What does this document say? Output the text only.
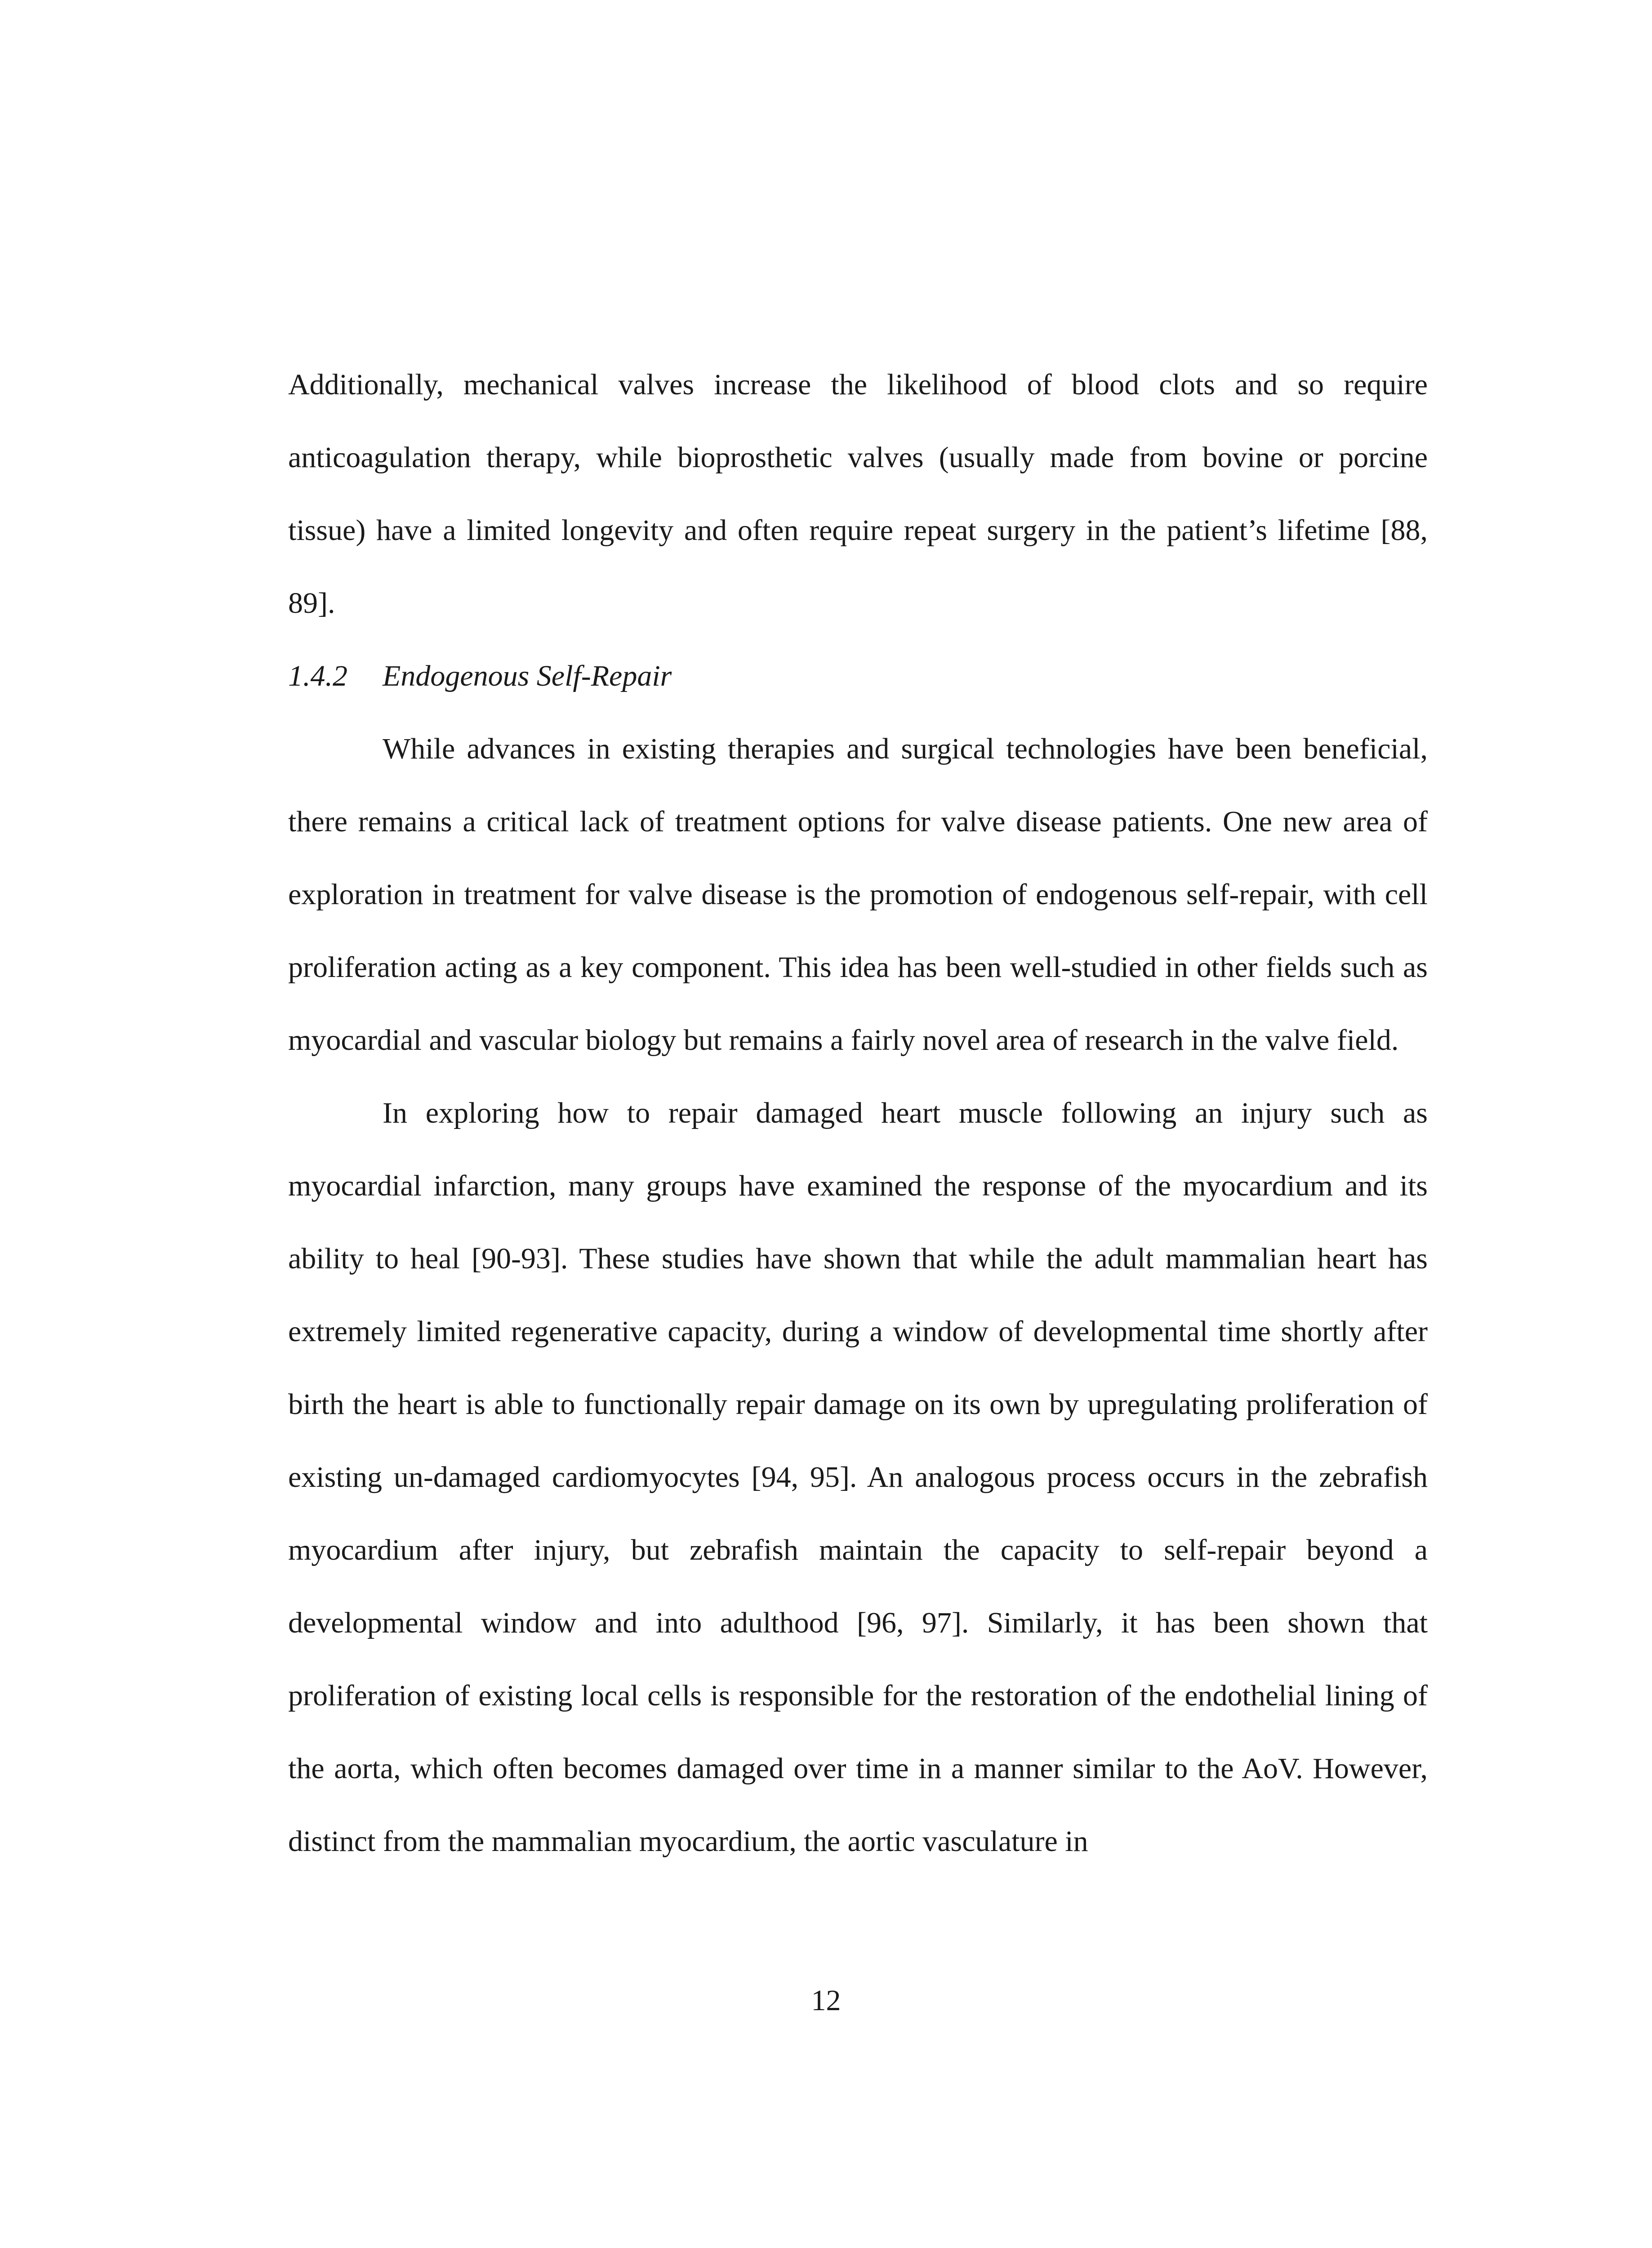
Additionally, mechanical valves increase the likelihood of blood clots and so require anticoagulation therapy, while bioprosthetic valves (usually made from bovine or porcine tissue) have a limited longevity and often require repeat surgery in the patient’s lifetime [88, 89].

1.4.2 Endogenous Self-Repair

While advances in existing therapies and surgical technologies have been beneficial, there remains a critical lack of treatment options for valve disease patients. One new area of exploration in treatment for valve disease is the promotion of endogenous self-repair, with cell proliferation acting as a key component. This idea has been well-studied in other fields such as myocardial and vascular biology but remains a fairly novel area of research in the valve field.

In exploring how to repair damaged heart muscle following an injury such as myocardial infarction, many groups have examined the response of the myocardium and its ability to heal [90-93]. These studies have shown that while the adult mammalian heart has extremely limited regenerative capacity, during a window of developmental time shortly after birth the heart is able to functionally repair damage on its own by upregulating proliferation of existing un-damaged cardiomyocytes [94, 95]. An analogous process occurs in the zebrafish myocardium after injury, but zebrafish maintain the capacity to self-repair beyond a developmental window and into adulthood [96, 97]. Similarly, it has been shown that proliferation of existing local cells is responsible for the restoration of the endothelial lining of the aorta, which often becomes damaged over time in a manner similar to the AoV. However, distinct from the mammalian myocardium, the aortic vasculature in

12
